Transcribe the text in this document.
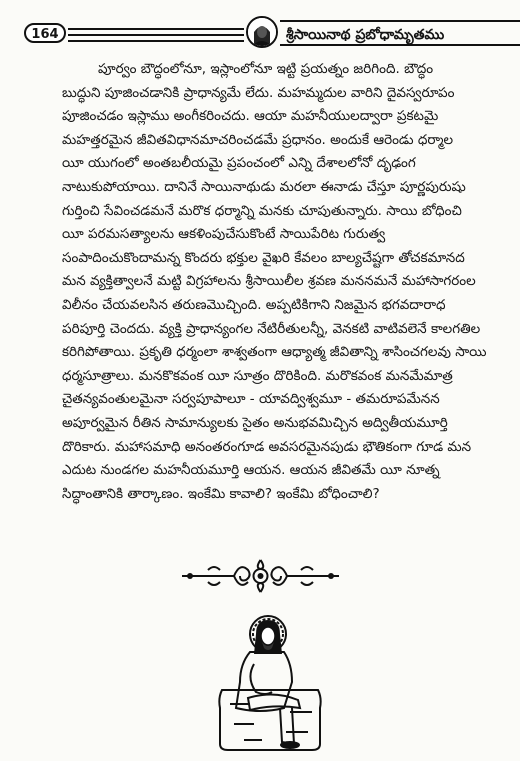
164	శ్రీసాయినాథ ప్రబోధామృతము
పూర్వం బౌద్ధంలోనూ, ఇస్లాంలోనూ ఇట్టి ప్రయత్నం జరిగింది. బౌద్ధం
బుద్ధుని పూజించడానికి ప్రాధాన్యమే లేదు. మహమ్మదుల వారిని దైవస్వరూపం
పూజించడం ఇస్లాము అంగీకరించదు. ఆయా మహనీయులద్వారా ప్రకటమై
మహత్తరమైన జీవితవిధానమాచరించడమే ప్రధానం. అందుకే ఆరెండు ధర్మాల
యీ యుగంలో అంతబలీయమై ప్రపంచంలో ఎన్ని దేశాలలోనో దృఢంగ
నాటుకుపోయాయి. దానినే సాయినాథుడు మరలా ఈనాడు చేస్తూ పూర్ణపురుషు
గుర్తించి సేవించడమనే మరొక ధర్మాన్ని మనకు చూపుతున్నారు. సాయి బోధించి
యీ పరమసత్యాలను ఆకళింపుచేసుకొంటే సాయిపేరిట గురుత్వ
సంపాదించుకొందామన్న కొందరు భక్తుల వైఖరి కేవలం బాల్యచేష్టగా తోచకమానద
మన వ్యక్తిత్వాలనే మట్టి విగ్రహాలను శ్రీసాయిలీల శ్రవణ మననమనే మహాసాగరంల
విలీనం చేయవలసిన తరుణమొచ్చింది. అప్పటికిగాని నిజమైన భగవదారాధ
పరిపూర్తి చెందదు. వ్యక్తి ప్రాధాన్యంగల నేటిరీతులన్నీ, వెనకటి వాటివలెనే కాలగతిల
కరిగిపోతాయి. ప్రకృతి ధర్మంలా శాశ్వతంగా ఆధ్యాత్మ జీవితాన్ని శాసించగలవు సాయి
ధర్మసూత్రాలు. మనకొకవంక యీ సూత్రం దొరికింది. మరొకవంక మనమేమాత్ర
చైతన్యవంతులమైనా సర్వపూపాలూ - యావద్విశ్వమూ - తమరూపమేనన
అపూర్వమైన రీతిన సామాన్యులకు సైతం అనుభవమిచ్చిన అద్వితీయమూర్తి
దొరికారు. మహాసమాధి అనంతరంగూడ అవసరమైనపుడు భౌతికంగా గూడ మన
ఎదుట నుండగల మహనీయమూర్తి ఆయన. ఆయన జీవితమే యీ నూత్న
సిద్ధాంతానికి తార్కాణం. ఇంకేమి కావాలి? ఇంకేమి బోధించాలి?
